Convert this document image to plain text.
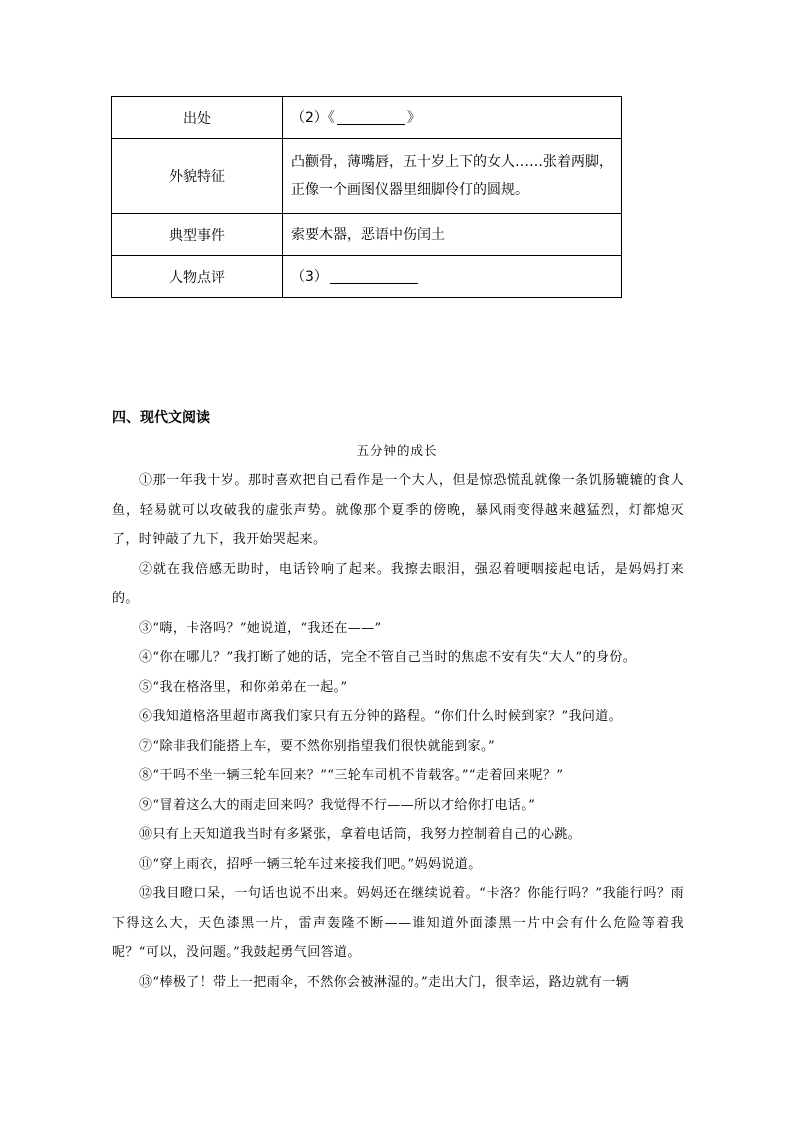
出处	（2）《 》
外貌特征	凸颧骨，薄嘴唇，五十岁上下的女人……张着两脚，正像一个画图仪器里细脚伶仃的圆规。
典型事件	索要木器，恶语中伤闰土
人物点评	（3）
四、现代文阅读
五分钟的成长

①那一年我十岁。那时喜欢把自己看作是一个大人，但是惊恐慌乱就像一条饥肠辘辘的食人鱼，轻易就可以攻破我的虚张声势。就像那个夏季的傍晚，暴风雨变得越来越猛烈，灯都熄灭了，时钟敲了九下，我开始哭起来。

②就在我倍感无助时，电话铃响了起来。我擦去眼泪，强忍着哽咽接起电话，是妈妈打来的。

③“嗨，卡洛吗？”她说道，“我还在——”

④“你在哪儿？”我打断了她的话，完全不管自己当时的焦虑不安有失“大人”的身份。

⑤“我在格洛里，和你弟弟在一起。”

⑥我知道格洛里超市离我们家只有五分钟的路程。“你们什么时候到家？”我问道。

⑦“除非我们能搭上车，要不然你别指望我们很快就能到家。”

⑧“干吗不坐一辆三轮车回来？”“三轮车司机不肯载客。”“走着回来呢？”

⑨“冒着这么大的雨走回来吗？我觉得不行——所以才给你打电话。”

⑩只有上天知道我当时有多紧张，拿着电话筒，我努力控制着自己的心跳。

⑪“穿上雨衣，招呼一辆三轮车过来接我们吧。”妈妈说道。

⑫我目瞪口呆，一句话也说不出来。妈妈还在继续说着。“卡洛？你能行吗？”我能行吗？雨下得这么大，天色漆黑一片，雷声轰隆不断——谁知道外面漆黑一片中会有什么危险等着我呢？“可以，没问题。”我鼓起勇气回答道。

⑬“棒极了！带上一把雨伞，不然你会被淋湿的。”走出大门，很幸运，路边就有一辆
